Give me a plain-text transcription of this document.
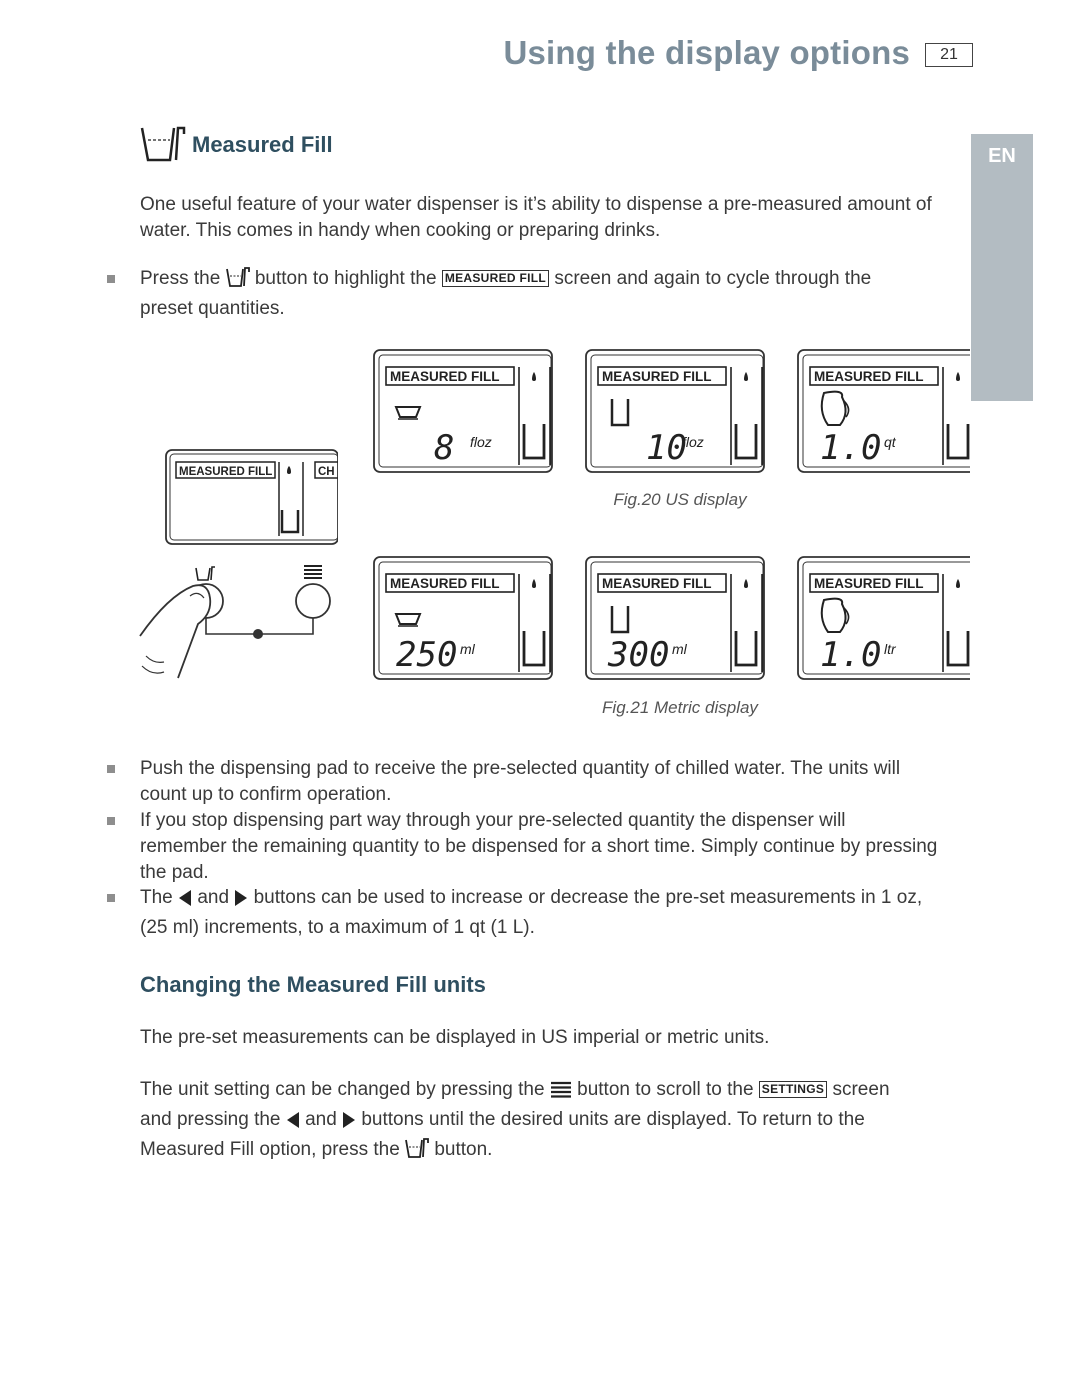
Using the display options	21
EN
Measured Fill
One useful feature of your water dispenser is it’s ability to dispense a pre-measured amount of water. This comes in handy when cooking or preparing drinks.
Press the button to highlight the MEASURED FILL screen and again to cycle through the
preset quantities.
MEASURED FILL	CH
MEASURED FILL
8 floz
MEASURED FILL
10
floz
MEASURED FILL
1.0 qt
Fig.20 US display
MEASURED FILL
250 ml
MEASURED FILL
300 ml
MEASURED FILL
1.0 ltr
Fig.21 Metric display
Push the dispensing pad to receive the pre-selected quantity of chilled water. The units will
count up to confirm operation.
If you stop dispensing part way through your pre-selected quantity the dispenser will
remember the remaining quantity to be dispensed for a short time. Simply continue by pressing
the pad.
The and buttons can be used to increase or decrease the pre-set measurements in 1 oz,
(25 ml) increments, to a maximum of 1 qt (1 L).
Changing the Measured Fill units
The pre-set measurements can be displayed in US imperial or metric units.
The unit setting can be changed by pressing the button to scroll to the SETTINGS screen
and pressing the and buttons until the desired units are displayed. To return to the
Measured Fill option, press the button.
